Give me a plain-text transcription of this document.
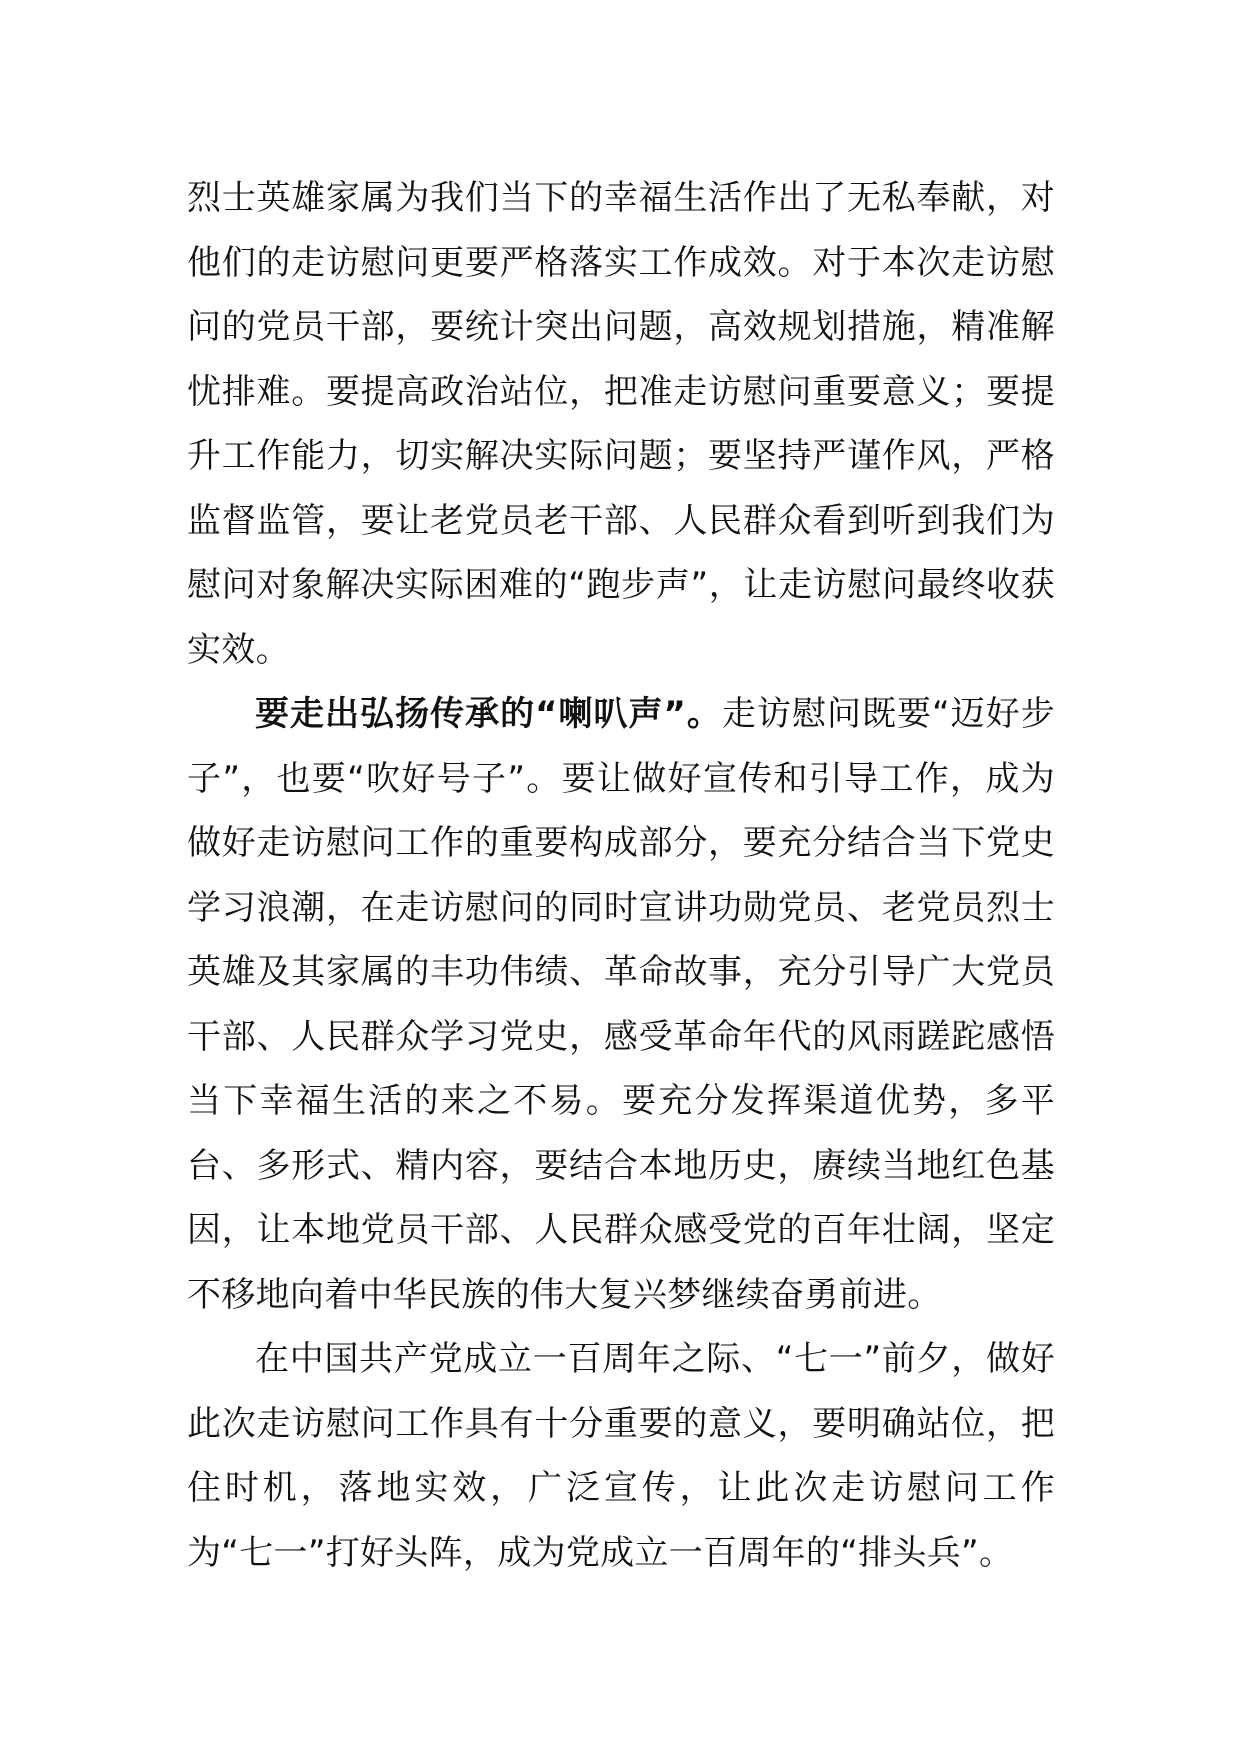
烈士英雄家属为我们当下的幸福生活作出了无私奉献，对他们的走访慰问更要严格落实工作成效。对于本次走访慰问的党员干部，要统计突出问题，高效规划措施，精准解忧排难。要提高政治站位，把准走访慰问重要意义；要提升工作能力，切实解决实际问题；要坚持严谨作风，严格监督监管，要让老党员老干部、人民群众看到听到我们为慰问对象解决实际困难的“跑步声”，让走访慰问最终收获实效。

要走出弘扬传承的“喇叭声”。走访慰问既要“迈好步子”，也要“吹好号子”。要让做好宣传和引导工作，成为做好走访慰问工作的重要构成部分，要充分结合当下党史学习浪潮，在走访慰问的同时宣讲功勋党员、老党员烈士英雄及其家属的丰功伟绩、革命故事，充分引导广大党员干部、人民群众学习党史，感受革命年代的风雨蹉跎感悟当下幸福生活的来之不易。要充分发挥渠道优势，多平台、多形式、精内容，要结合本地历史，赓续当地红色基因，让本地党员干部、人民群众感受党的百年壮阔，坚定不移地向着中华民族的伟大复兴梦继续奋勇前进。

在中国共产党成立一百周年之际、“七一”前夕，做好此次走访慰问工作具有十分重要的意义，要明确站位，把住时机，落地实效，广泛宣传，让此次走访慰问工作为“七一”打好头阵，成为党成立一百周年的“排头兵”。
